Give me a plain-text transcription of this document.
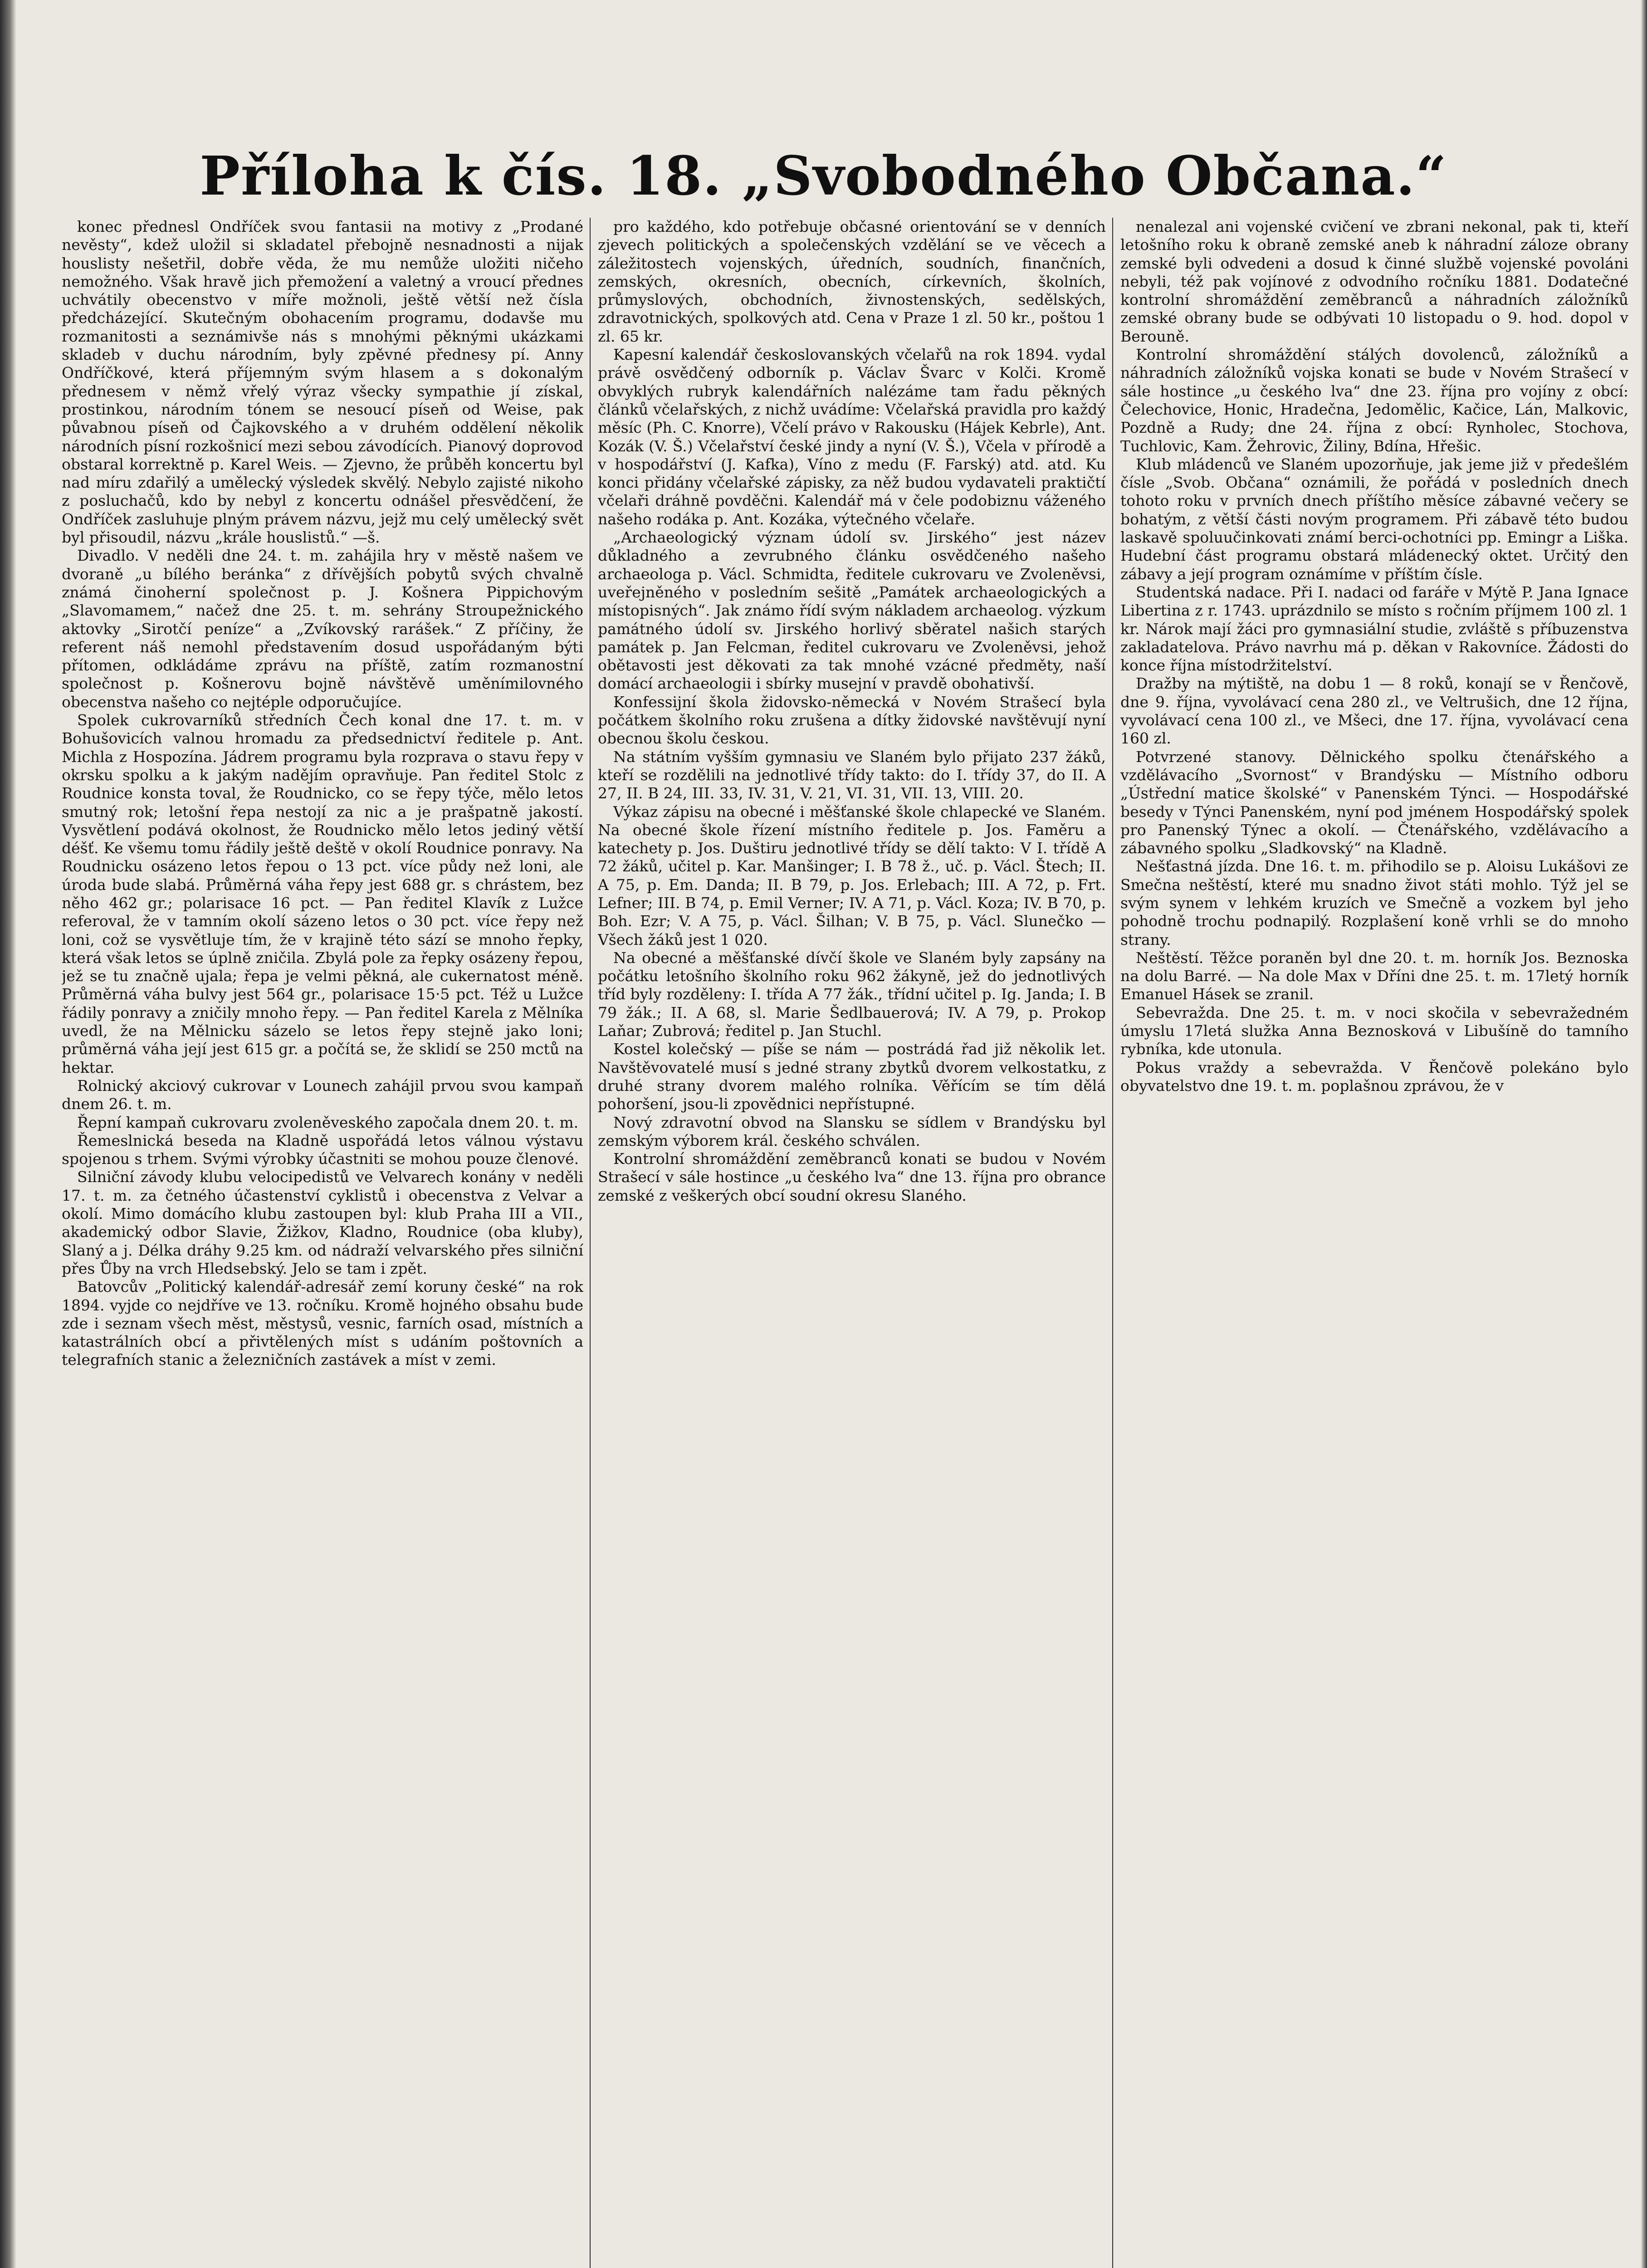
Příloha k čís. 18. „Svobodného Občana.“

konec přednesl Ondříček svou fantasii na motivy z „Prodané nevěsty“, kdež uložil si skladatel přebojně nesnadnosti a nijak houslisty nešetřil, dobře věda, že mu nemůže uložiti ničeho nemožného. Však hravě jich přemožení a valetný a vroucí přednes uchvátily obecenstvo v míře možnoli, ještě větší než čísla předcházející. Skutečným obohacením programu, dodavše mu rozmanitosti a seznámivše nás s mnohými pěknými ukázkami skladeb v duchu národním, byly zpěvné přednesy pí. Anny Ondříčkové, která příjemným svým hlasem a s dokonalým přednesem v němž vřelý výraz všecky sympathie jí získal, prostinkou, národním tónem se nesoucí píseň od Weise, pak půvabnou píseň od Čajkovského a v druhém oddělení několik národních písní rozkošnicí mezi sebou závodících. Pianový doprovod obstaral korrektně p. Karel Weis. — Zjevno, že průběh koncertu byl nad míru zdařilý a umělecký výsledek skvělý. Nebylo zajisté nikoho z posluchačů, kdo by nebyl z koncertu odnášel přesvědčení, že Ondříček zasluhuje plným právem názvu, jejž mu celý umělecký svět byl přisoudil, názvu „krále houslistů.“ —š.

Divadlo. V neděli dne 24. t. m. zahájila hry v městě našem ve dvoraně „u bílého beránka“ z dřívějších pobytů svých chvalně známá činoherní společnost p. J. Košnera Pippichovým „Slavomamem,“ načež dne 25. t. m. sehrány Stroupežnického aktovky „Sirotčí peníze“ a „Zvíkovský rarášek.“ Z příčiny, že referent náš nemohl představením dosud uspořádaným býti přítomen, odkládáme zprávu na příště, zatím rozmanostní společnost p. Košnerovu bojně návštěvě uměnímilovného obecenstva našeho co nejtéple odporučujíce.

Spolek cukrovarníků středních Čech konal dne 17. t. m. v Bohušovicích valnou hromadu za předsednictví ředitele p. Ant. Michla z Hospozína. Jádrem programu byla rozprava o stavu řepy v okrsku spolku a k jakým nadějím opravňuje. Pan ředitel Stolc z Roudnice konsta toval, že Roudnicko, co se řepy týče, mělo letos smutný rok; letošní řepa nestojí za nic a je prašpatně jakostí. Vysvětlení podává okolnost, že Roudnicko mělo letos jediný větší déšť. Ke všemu tomu řádily ještě deště v okolí Roudnice ponravy. Na Roudnicku osázeno letos řepou o 13 pct. více půdy než loni, ale úroda bude slabá. Průměrná váha řepy jest 688 gr. s chrástem, bez něho 462 gr.; polarisace 16 pct. — Pan ředitel Klavík z Lužce referoval, že v tamním okolí sázeno letos o 30 pct. více řepy než loni, což se vysvětluje tím, že v krajině této sází se mnoho řepky, která však letos se úplně zničila. Zbylá pole za řepky osázeny řepou, jež se tu značně ujala; řepa je velmi pěkná, ale cukernatost méně. Průměrná váha bulvy jest 564 gr., polarisace 15·5 pct. Též u Lužce řádily ponravy a zničily mnoho řepy. — Pan ředitel Karela z Mělníka uvedl, že na Mělnicku sázelo se letos řepy stejně jako loni; průměrná váha její jest 615 gr. a počítá se, že sklidí se 250 mctů na hektar.

Rolnický akciový cukrovar v Lounech zahájil prvou svou kampaň dnem 26. t. m.

Řepní kampaň cukrovaru zvoleněveského započala dnem 20. t. m.

Řemeslnická beseda na Kladně uspořádá letos válnou výstavu spojenou s trhem. Svými výrobky účastniti se mohou pouze členové.

Silniční závody klubu velocipedistů ve Velvarech konány v neděli 17. t. m. za četného účastenství cyklistů i obecenstva z Velvar a okolí. Mimo domácího klubu zastoupen byl: klub Praha III a VII., akademický odbor Slavie, Žižkov, Kladno, Roudnice (oba kluby), Slaný a j. Délka dráhy 9.25 km. od nádraží velvarského přes silniční přes Ůby na vrch Hledsebský. Jelo se tam i zpět.

Batovcův „Politický kalendář-adresář zemí koruny české“ na rok 1894. vyjde co nejdříve ve 13. ročníku. Kromě hojného obsahu bude zde i seznam všech měst, městysů, vesnic, farních osad, místních a katastrálních obcí a přivtělených míst s udáním poštovních a telegrafních stanic a železničních zastávek a míst v zemi.

pro každého, kdo potřebuje občasné orientování se v denních zjevech politických a společenských vzdělání se ve věcech a záležitostech vojenských, úředních, soudních, finančních, zemských, okresních, obecních, církevních, školních, průmyslových, obchodních, živnostenských, sedělských, zdravotnických, spolkových atd. Cena v Praze 1 zl. 50 kr., poštou 1 zl. 65 kr.

Kapesní kalendář českoslovanských včelařů na rok 1894. vydal právě osvědčený odborník p. Václav Švarc v Kolči. Kromě obvyklých rubryk kalendářních nalézáme tam řadu pěkných článků včelařských, z nichž uvádíme: Včelařská pravidla pro každý měsíc (Ph. C. Knorre), Včelí právo v Rakousku (Hájek Kebrle), Ant. Kozák (V. Š.) Včelařství české jindy a nyní (V. Š.), Včela v přírodě a v hospodářství (J. Kafka), Víno z medu (F. Farský) atd. atd. Ku konci přidány včelařské zápisky, za něž budou vydavateli praktičtí včelaři dráhně povděčni. Kalendář má v čele podobiznu váženého našeho rodáka p. Ant. Kozáka, výtečného včelaře.

„Archaeologický význam údolí sv. Jirského“ jest název důkladného a zevrubného článku osvědčeného našeho archaeologa p. Václ. Schmidta, ředitele cukrovaru ve Zvoleněvsi, uveřejněného v posledním sešitě „Památek archaeologických a místopisných“. Jak známo řídí svým nákladem archaeolog. výzkum památného údolí sv. Jirského horlivý sběratel našich starých památek p. Jan Felcman, ředitel cukrovaru ve Zvoleněvsi, jehož obětavosti jest děkovati za tak mnohé vzácné předměty, naší domácí archaeologii i sbírky musejní v pravdě obohativší.

Konfessijní škola židovsko-německá v Novém Strašecí byla počátkem školního roku zrušena a dítky židovské navštěvují nyní obecnou školu českou.

Na státním vyšším gymnasiu ve Slaném bylo přijato 237 žáků, kteří se rozdělili na jednotlivé třídy takto: do I. třídy 37, do II. A 27, II. B 24, III. 33, IV. 31, V. 21, VI. 31, VII. 13, VIII. 20.

Výkaz zápisu na obecné i měšťanské škole chlapecké ve Slaném. Na obecné škole řízení místního ředitele p. Jos. Faměru a katechety p. Jos. Duštiru jednotlivé třídy se dělí takto: V I. třídě A 72 žáků, učitel p. Kar. Manšinger; I. B 78 ž., uč. p. Václ. Štech; II. A 75, p. Em. Danda; II. B 79, p. Jos. Erlebach; III. A 72, p. Frt. Lefner; III. B 74, p. Emil Verner; IV. A 71, p. Václ. Koza; IV. B 70, p. Boh. Ezr; V. A 75, p. Václ. Šilhan; V. B 75, p. Václ. Slunečko — Všech žáků jest 1 020.

Na obecné a měšťanské dívčí škole ve Slaném byly zapsány na počátku letošního školního roku 962 žákyně, jež do jednotlivých tříd byly rozděleny: I. třída A 77 žák., třídní učitel p. Ig. Janda; I. B 79 žák.; II. A 68, sl. Marie Šedlbauerová; IV. A 79, p. Prokop Laňar; Zubrová; ředitel p. Jan Stuchl.

Kostel kolečský — píše se nám — postrádá řad již několik let. Navštěvovatelé musí s jedné strany zbytků dvorem velkostatku, z druhé strany dvorem malého rolníka. Věřícím se tím dělá pohoršení, jsou-li zpovědnici nepřístupné.

Nový zdravotní obvod na Slansku se sídlem v Brandýsku byl zemským výborem král. českého schválen.

Kontrolní shromáždění zeměbranců konati se budou v Novém Strašecí v sále hostince „u českého lva“ dne 13. října pro obrance zemské z veškerých obcí soudní okresu Slaného.

nenalezal ani vojenské cvičení ve zbrani nekonal, pak ti, kteří letošního roku k obraně zemské aneb k náhradní záloze obrany zemské byli odvedeni a dosud k činné službě vojenské povoláni nebyli, též pak vojínové z odvodního ročníku 1881. Dodatečné kontrolní shromáždění zeměbranců a náhradních záložníků zemské obrany bude se odbývati 10 listopadu o 9. hod. dopol v Berouně.

Kontrolní shromáždění stálých dovolenců, záložníků a náhradních záložníků vojska konati se bude v Novém Strašecí v sále hostince „u českého lva“ dne 23. října pro vojíny z obcí: Čelechovice, Honic, Hradečna, Jedomělic, Kačice, Lán, Malkovic, Pozdně a Rudy; dne 24. října z obcí: Rynholec, Stochova, Tuchlovic, Kam. Žehrovic, Žiliny, Bdína, Hřešic.

Klub mládenců ve Slaném upozorňuje, jak jeme již v předešlém čísle „Svob. Občana“ oznámili, že pořádá v posledních dnech tohoto roku v prvních dnech příštího měsíce zábavné večery se bohatým, z větší části novým programem. Při zábavě této budou laskavě spoluučinkovati známí berci-ochotníci pp. Emingr a Liška. Hudební část programu obstará mládenecký oktet. Určitý den zábavy a její program oznámíme v příštím čísle.

Studentská nadace. Při I. nadaci od faráře v Mýtě P. Jana Ignace Libertina z r. 1743. uprázdnilo se místo s ročním příjmem 100 zl. 1 kr. Nárok mají žáci pro gymnasiální studie, zvláště s příbuzenstva zakladatelova. Právo navrhu má p. děkan v Rakovníce. Žádosti do konce října místodržitelství.

Dražby na mýtiště, na dobu 1 — 8 roků, konají se v Řenčově, dne 9. října, vyvolávací cena 280 zl., ve Veltrušich, dne 12 října, vyvolávací cena 100 zl., ve Mšeci, dne 17. října, vyvolávací cena 160 zl.

Potvrzené stanovy. Dělnického spolku čtenářského a vzdělávacího „Svornost“ v Brandýsku — Místního odboru „Ústřední matice školské“ v Panenském Týnci. — Hospodářské besedy v Týnci Panenském, nyní pod jménem Hospodářský spolek pro Panenský Týnec a okolí. — Čtenářského, vzdělávacího a zábavného spolku „Sladkovský“ na Kladně.

Nešťastná jízda. Dne 16. t. m. přihodilo se p. Aloisu Lukášovi ze Smečna neštěstí, které mu snadno život státi mohlo. Týž jel se svým synem v lehkém kruzích ve Smečně a vozkem byl jeho pohodně trochu podnapilý. Rozplašení koně vrhli se do mnoho strany.

Neštěstí. Těžce poraněn byl dne 20. t. m. horník Jos. Beznoska na dolu Barré. — Na dole Max v Dříni dne 25. t. m. 17letý horník Emanuel Hásek se zranil.

Sebevražda. Dne 25. t. m. v noci skočila v sebevražedném úmyslu 17letá služka Anna Beznosková v Libušíně do tamního rybníka, kde utonula.

Pokus vraždy a sebevražda. V Řenčově polekáno bylo obyvatelstvo dne 19. t. m. poplašnou zprávou, že v
